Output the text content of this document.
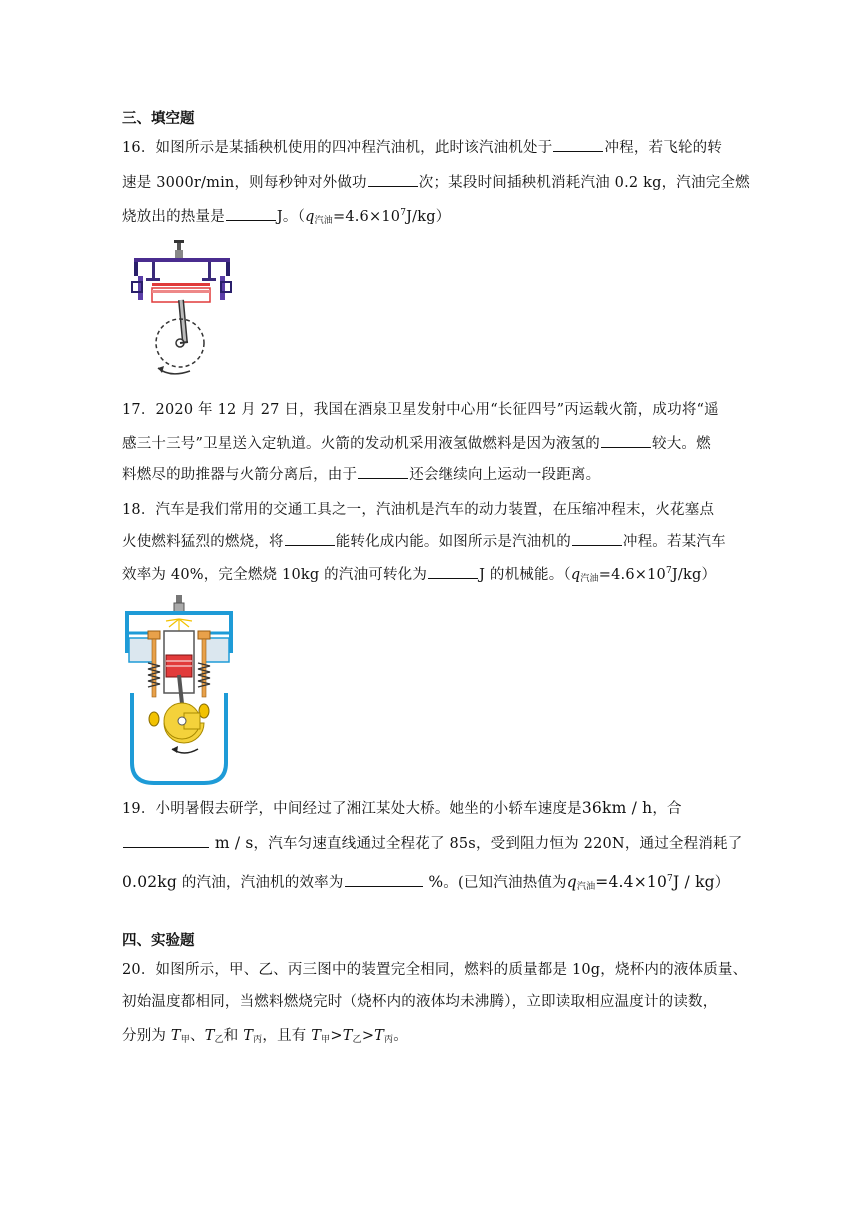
三、填空题
16．如图所示是某插秧机使用的四冲程汽油机，此时该汽油机处于	冲程，若飞轮的转
速是 3000r/min，则每秒钟对外做功	次；某段时间插秧机消耗汽油 0.2 kg，汽油完全燃
烧放出的热量是	J。$(q_{汽油}=4.6\times 10^7J/kg)$
17．2020 年 12 月 27 日，我国在酒泉卫星发射中心用“长征四号”丙运载火箭，成功将“遥
感三十三号”卫星送入定轨道。火箭的发动机采用液氢做燃料是因为液氢的	较大。燃
料燃尽的助推器与火箭分离后，由于	还会继续向上运动一段距离。
18．汽车是我们常用的交通工具之一，汽油机是汽车的动力装置，在压缩冲程末，火花塞点
火使燃料猛烈的燃烧，将	能转化成内能。如图所示是汽油机的	冲程。若某汽车
效率为 40%，完全燃烧 10kg 的汽油可转化为	J 的机械能。$(q_{汽油}=4.6\times 10^7J/kg)$
19．小明暑假去研学，中间经过了湘江某处大桥。她坐的小轿车速度是36km / h，合
m / s，汽车匀速直线通过全程花了 85s，受到阻力恒为 220N，通过全程消耗了
0.02kg 的汽油，汽油机的效率为	%。(已知汽油热值为$q_{汽油}=4.4\times 10^7J / kg$）
四、实验题
20．如图所示，甲、乙、丙三图中的装置完全相同，燃料的质量都是 10g，烧杯内的液体质量、
初始温度都相同，当燃料燃烧完时（烧杯内的液体均未沸腾），立即读取相应温度计的读数，
分别为 $T_甲$、$T_乙$和 $T_丙$，且有 $T_甲>T_乙>T_丙$。
